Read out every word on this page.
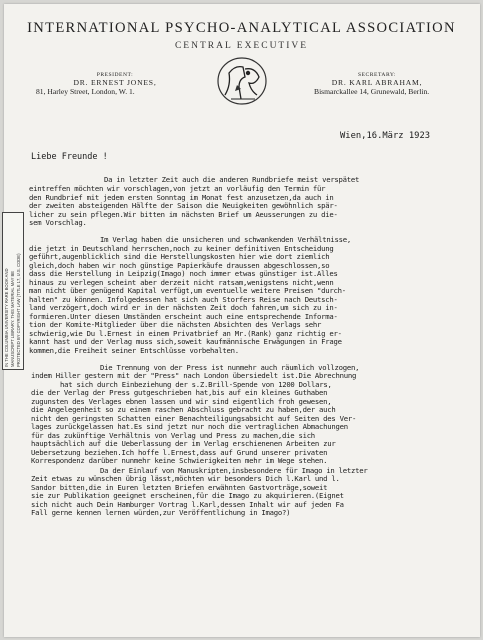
INTERNATIONAL PSYCHO-ANALYTICAL ASSOCIATION
CENTRAL EXECUTIVE
PRESIDENT:
DR. ERNEST JONES,
81, Harley Street, London, W. 1.
SECRETARY:
DR. KARL ABRAHAM,
Bismarckallee 14, Grunewald, Berlin.
Wien,16.März 1923
Liebe Freunde !
Da in letzter Zeit auch die anderen Rundbriefe meist verspätet
eintreffen möchten wir vorschlagen,von jetzt an vorläufig den Termin für
den Rundbrief mit jedem ersten Sonntag im Monat fest anzusetzen,da auch in
der zweiten absteigenden Hälfte der Saison die Neuigkeiten gewöhnlich spär-
licher zu sein pflegen.Wir bitten im nächsten Brief um Aeusserungen zu die-
sem Vorschlag.
Im Verlag haben die unsicheren und schwankenden Verhältnisse,
die jetzt in Deutschland herrschen,noch zu keiner definitiven Entscheidung
geführt,augenblicklich sind die Herstellungskosten hier wie dort ziemlich
gleich,doch haben wir noch günstige Papierkäufe draussen abgeschlossen,so
dass die Herstellung in Leipzig(Imago) noch immer etwas günstiger ist.Alles
hinaus zu verlegen scheint aber derzeit nicht ratsam,wenigstens nicht,wenn
man nicht über genügend Kapital verfügt,um eventuelle weitere Preisen "durch-
halten" zu können. Infolgedessen hat sich auch Storfers Reise nach Deutsch-
land verzögert,doch wird er in der nächsten Zeit doch fahren,um sich zu in-
formieren.Unter diesen Umständen erscheint auch eine entsprechende Informa-
tion der Komite-Mitglieder über die nächsten Absichten des Verlags sehr
schwierig,wie Du l.Ernest in einem Privatbrief an Mr.(Rank) ganz richtig er-
kannt hast und der Verlag muss sich,soweit kaufmännische Erwägungen in Frage
kommen,die Freiheit seiner Entschlüsse vorbehalten.
Die Trennung von der Press ist nunmehr auch räumlich vollzogen,
indem Hiller gestern mit der "Press" nach London übersiedelt ist.Die Abrechnung
hat sich durch Einbeziehung der s.Z.Brill-Spende von 1200 Dollars,
die der Verlag der Press gutgeschrieben hat,bis auf ein kleines Guthaben
zugunsten des Verlages ebnen lassen und wir sind eigentlich froh gewesen,
die Angelegenheit so zu einem raschen Abschluss gebracht zu haben,der auch
nicht den geringsten Schatten einer Benachteiligungsabsicht auf Seiten des Ver-
lages zurückgelassen hat.Es sind jetzt nur noch die vertraglichen Abmachungen
für das zukünftige Verhältnis von Verlag und Press zu machen,die sich
hauptsächlich auf die Ueberlassung der im Verlag erschienenen Arbeiten zur
Uebersetzung beziehen.Ich hoffe l.Ernest,dass auf Grund unserer privaten
Korrespondenz darüber nunmehr keine Schwierigkeiten mehr im Wege stehen.
Da der Einlauf von Manuskripten,insbesondere für Imago in letzter
Zeit etwas zu wünschen übrig lässt,möchten wir besonders Dich l.Karl und l.
Sandor bitten,die in Euren letzten Briefen erwähnten Gastvorträge,soweit
sie zur Publikation geeignet erscheinen,für die Imago zu akquirieren.(Eignet
sich nicht auch Dein Hamburger Vortrag l.Karl,dessen Inhalt wir auf jeden Fa
Fall gerne kennen lernen würden,zur Veröffentlichung in Imago?)
IN THE COLUMBIA UNIVERSITY RARE BOOK AND MANUSCRIPT LIBRARY. THIS MATERIAL MAY BE PROTECTED BY COPYRIGHT LAW (TITLE 17, U.S. CODE)
